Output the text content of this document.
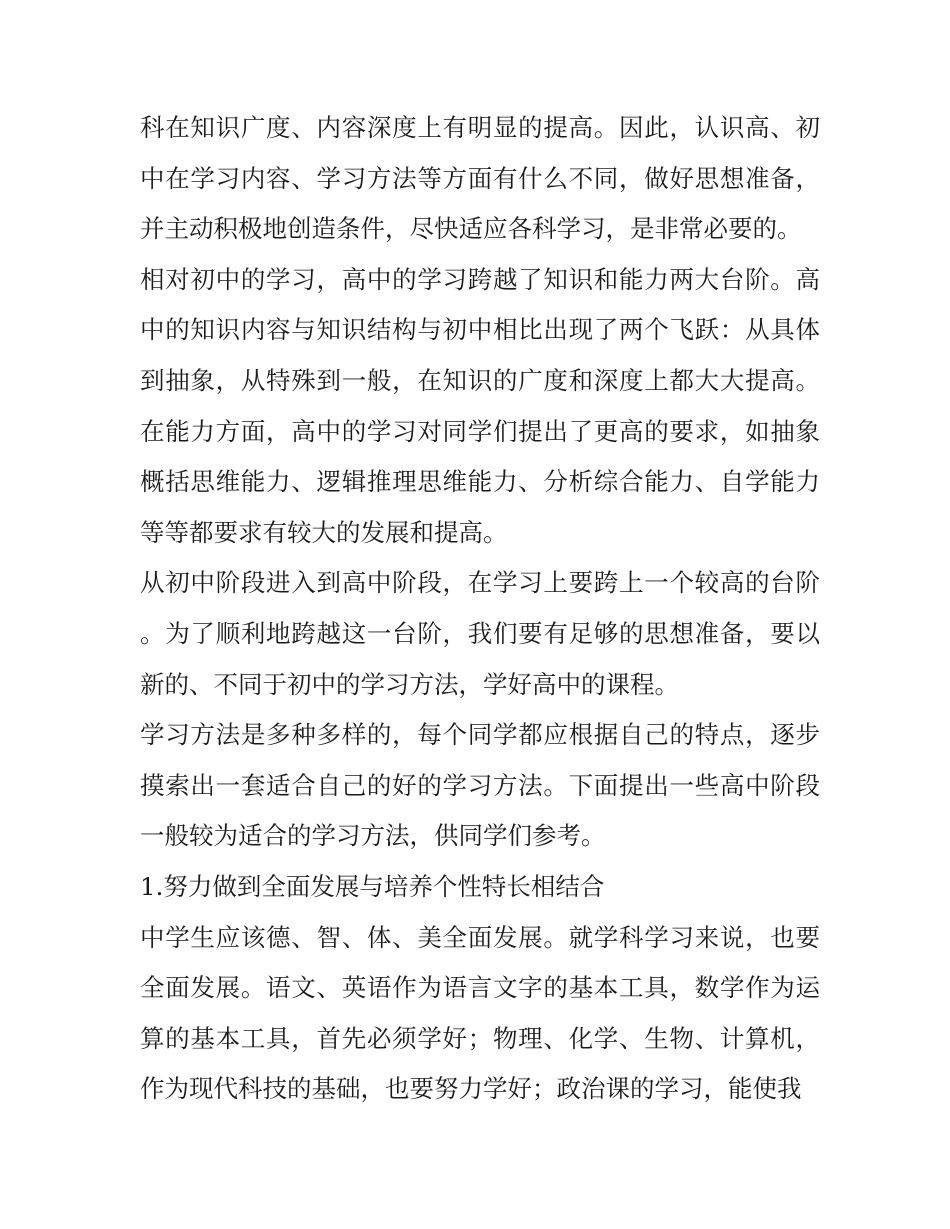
科在知识广度、内容深度上有明显的提高。因此，认识高、初中在学习内容、学习方法等方面有什么不同，做好思想准备，并主动积极地创造条件，尽快适应各科学习，是非常必要的。

相对初中的学习，高中的学习跨越了知识和能力两大台阶。高中的知识内容与知识结构与初中相比出现了两个飞跃：从具体到抽象，从特殊到一般，在知识的广度和深度上都大大提高。在能力方面，高中的学习对同学们提出了更高的要求，如抽象概括思维能力、逻辑推理思维能力、分析综合能力、自学能力等等都要求有较大的发展和提高。

从初中阶段进入到高中阶段，在学习上要跨上一个较高的台阶。为了顺利地跨越这一台阶，我们要有足够的思想准备，要以新的、不同于初中的学习方法，学好高中的课程。

学习方法是多种多样的，每个同学都应根据自己的特点，逐步摸索出一套适合自己的好的学习方法。下面提出一些高中阶段一般较为适合的学习方法，供同学们参考。

1.努力做到全面发展与培养个性特长相结合

中学生应该德、智、体、美全面发展。就学科学习来说，也要全面发展。语文、英语作为语言文字的基本工具，数学作为运算的基本工具，首先必须学好；物理、化学、生物、计算机，作为现代科技的基础，也要努力学好；政治课的学习，能使我
